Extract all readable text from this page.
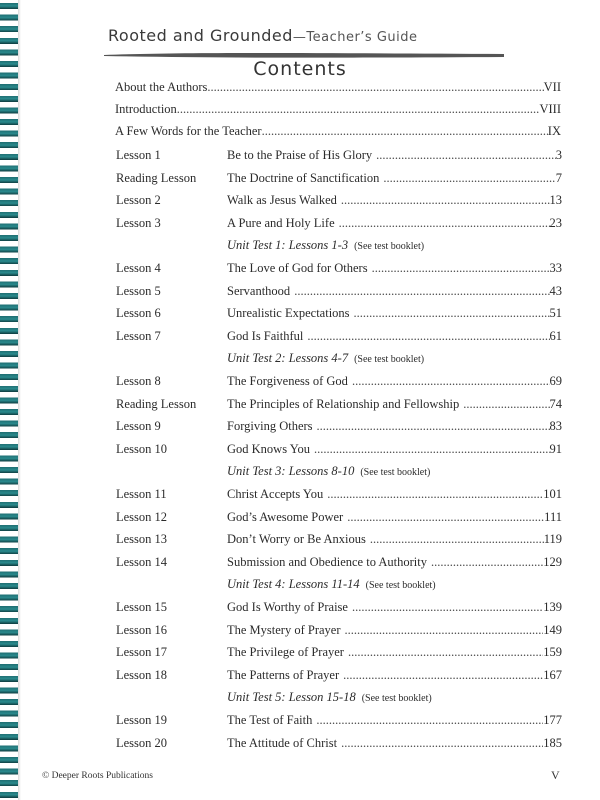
Rooted and Grounded—Teacher’s Guide
Contents
About the Authors .....	VII
Introduction .....	VIII
A Few Words for the Teacher .....	IX
Lesson 1	Be to the Praise of His Glory .....	3
Reading Lesson The Doctrine of Sanctification .....	7
Lesson 2	Walk as Jesus Walked .....	13
Lesson 3	A Pure and Holy Life .....	23
Unit Test 1: Lessons 1-3 (See test booklet)
Lesson 4	The Love of God for Others .....	33
Lesson 5	Servanthood .....	43
Lesson 6	Unrealistic Expectations .....	51
Lesson 7	God Is Faithful .....	61
Unit Test 2: Lessons 4-7 (See test booklet)
Lesson 8	The Forgiveness of God .....	69
Reading Lesson The Principles of Relationship and Fellowship .....	74
Lesson 9	Forgiving Others .....	83
Lesson 10	God Knows You .....	91
Unit Test 3: Lessons 8-10 (See test booklet)
Lesson 11	Christ Accepts You .....	101
Lesson 12	God’s Awesome Power .....	111
Lesson 13	Don’t Worry or Be Anxious .....	119
Lesson 14	Submission and Obedience to Authority .....	129
Unit Test 4: Lessons 11-14 (See test booklet)
Lesson 15	God Is Worthy of Praise .....	139
Lesson 16	The Mystery of Prayer .....	149
Lesson 17	The Privilege of Prayer .....	159
Lesson 18	The Patterns of Prayer .....	167
Unit Test 5: Lesson 15-18 (See test booklet)
Lesson 19	The Test of Faith .....	177
Lesson 20	The Attitude of Christ .....	185
© Deeper Roots Publications	V
